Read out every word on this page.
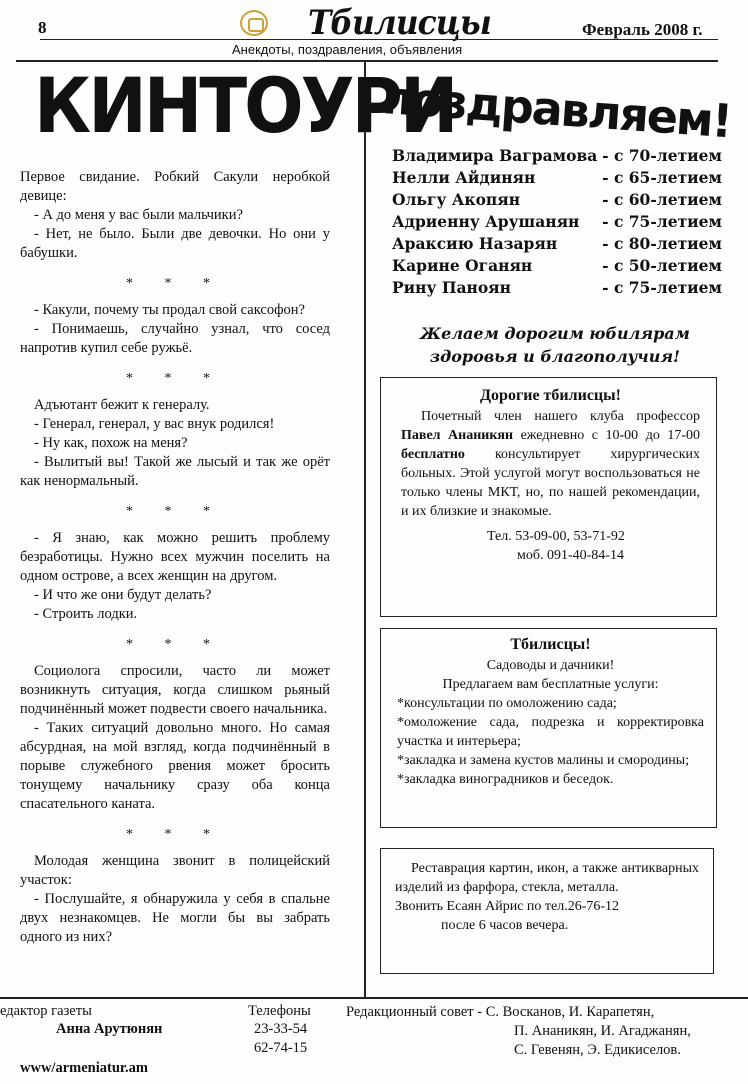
8	Тбилисцы	Февраль 2008 г.
Анекдоты, поздравления, объявления
КИНТОУРИ

Первое свидание. Робкий Сакули неробкой девице:

- А до меня у вас были мальчики?

- Нет, не было. Были две девочки. Но они у бабушки.

* * *

- Какули, почему ты продал свой саксофон?

- Понимаешь, случайно узнал, что сосед напротив купил себе ружьё.

* * *

Адъютант бежит к генералу.

- Генерал, генерал, у вас внук родился!

- Ну как, похож на меня?

- Вылитый вы! Такой же лысый и так же орёт как ненормальный.

* * *

- Я знаю, как можно решить проблему безработицы. Нужно всех мужчин поселить на одном острове, а всех женщин на другом.

- И что же они будут делать?

- Строить лодки.

* * *

Социолога спросили, часто ли может возникнуть ситуация, когда слишком рьяный подчинённый может подвести своего начальника.

- Таких ситуаций довольно много. Но самая абсурдная, на мой взгляд, когда подчинённый в порыве служебного рвения может бросить тонущему начальнику сразу оба конца спасательного каната.

* * *

Молодая женщина звонит в полицейский участок:

- Послушайте, я обнаружила у себя в спальне двух незнакомцев. Не могли бы вы забрать одного из них?

поздравляем!
Владимира Ваграмова - с 70-летием
Нелли Айдинян	- с 65-летием
Ольгу Акопян	- с 60-летием
Адриенну Арушанян - с 75-летием
Араксию Назарян	- с 80-летием
Карине Оганян	- с 50-летием
Рину Паноян	- с 75-летием
Желаем дорогим юбилярам
здоровья и благополучия!
Дорогие тбилисцы!

Почетный член нашего клуба профессор Павел Ананикян ежедневно с 10-00 до 17-00 бесплатно консультирует хирургических больных. Этой услугой могут воспользоваться не только члены МКТ, но, по нашей рекомендации, и их близкие и знакомые.

Тел. 53-09-00, 53-71-92
моб. 091-40-84-14
Тбилисцы!
Садоводы и дачники!
Предлагаем вам бесплатные услуги:

*консультации по омоложению сада;

*омоложение сада, подрезка и корректировка участка и интерьера;

*закладка и замена кустов малины и смородины;

*закладка виноградников и беседок.

Реставрация картин, икон, а также антикварных изделий из фарфора, стекла, металла.

Звонить Есаян Айрис по тел.26-76-12
после 6 часов вечера.
едактор газеты
Анна Арутюнян
www/armeniatur.am
Телефоны
23-33-54
62-74-15
Редакционный совет - С. Восканов, И. Карапетян,
П. Ананикян, И. Агаджанян,
С. Гевенян, Э. Едикиселов.
